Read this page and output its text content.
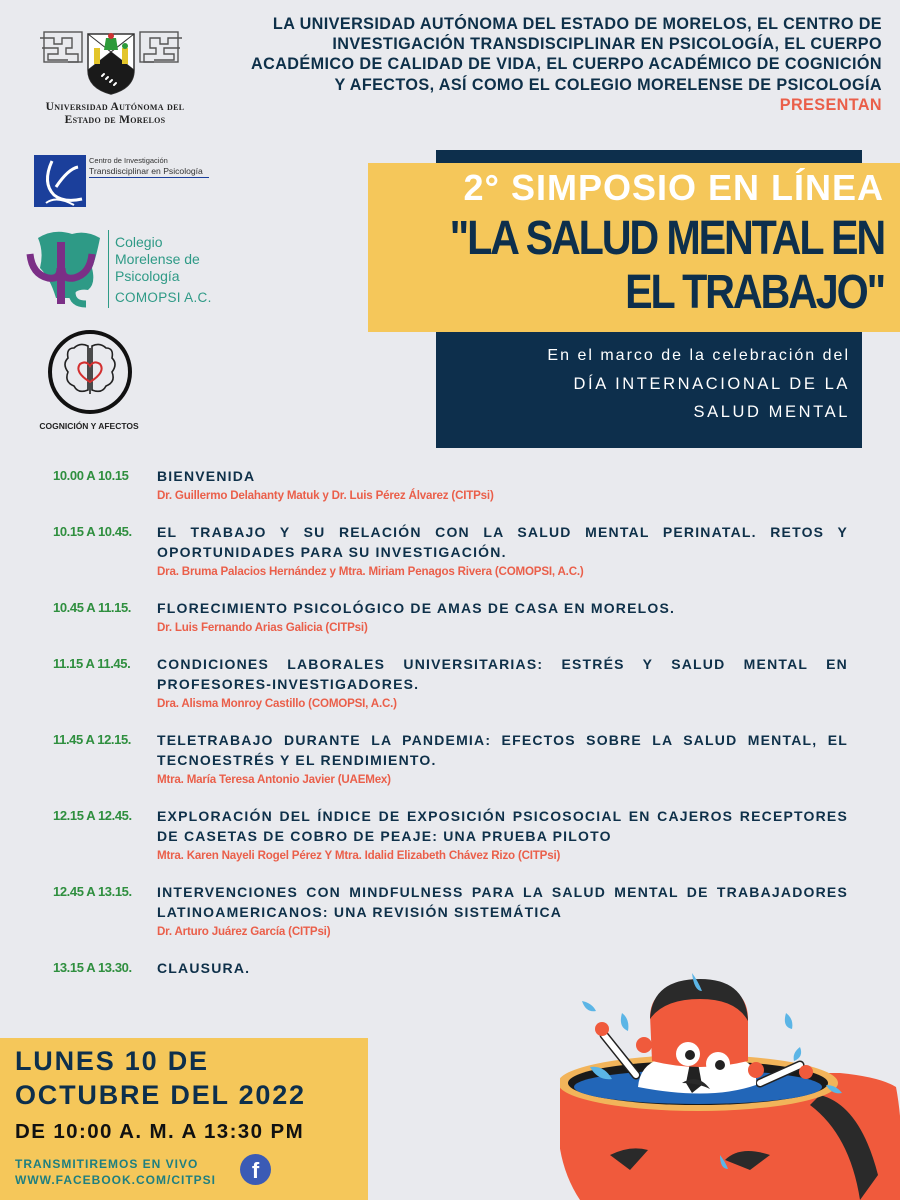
Universidad Autónoma del
Estado de Morelos
Centro de Investigación
Transdisciplinar en Psicología
Colegio
Morelense de
Psicología
COMOPSI A.C.
COGNICIÓN Y AFECTOS
LA UNIVERSIDAD AUTÓNOMA DEL ESTADO DE MORELOS, EL CENTRO DE
INVESTIGACIÓN TRANSDISCIPLINAR EN PSICOLOGÍA, EL CUERPO
ACADÉMICO DE CALIDAD DE VIDA, EL CUERPO ACADÉMICO DE COGNICIÓN
Y AFECTOS, ASÍ COMO EL COLEGIO MORELENSE DE PSICOLOGÍA
PRESENTAN
2° SIMPOSIO EN LÍNEA
"LA SALUD MENTAL EN
EL TRABAJO"
En el marco de la celebración del
DÍA INTERNACIONAL DE LA
SALUD MENTAL
10.00 A 10.15	BIENVENIDA
Dr. Guillermo Delahanty Matuk y Dr. Luis Pérez Álvarez (CITPsi)
10.15 A 10.45.	EL TRABAJO Y SU RELACIÓN CON LA SALUD MENTAL PERINATAL. RETOS Y OPORTUNIDADES PARA SU INVESTIGACIÓN.
Dra. Bruma Palacios Hernández y Mtra. Miriam Penagos Rivera (COMOPSI, A.C.)
10.45 A 11.15.	FLORECIMIENTO PSICOLÓGICO DE AMAS DE CASA EN MORELOS.
Dr. Luis Fernando Arias Galicia (CITPsi)
11.15 A 11.45.	CONDICIONES LABORALES UNIVERSITARIAS: ESTRÉS Y SALUD MENTAL EN PROFESORES-INVESTIGADORES.
Dra. Alisma Monroy Castillo (COMOPSI, A.C.)
11.45 A 12.15.	TELETRABAJO DURANTE LA PANDEMIA: EFECTOS SOBRE LA SALUD MENTAL, EL TECNOESTRÉS Y EL RENDIMIENTO.
Mtra. María Teresa Antonio Javier (UAEMex)
12.15 A 12.45.	EXPLORACIÓN DEL ÍNDICE DE EXPOSICIÓN PSICOSOCIAL EN CAJEROS RECEPTORES DE CASETAS DE COBRO DE PEAJE: UNA PRUEBA PILOTO
Mtra. Karen Nayeli Rogel Pérez Y Mtra. Idalid Elizabeth Chávez Rizo (CITPsi)
12.45 A 13.15.	INTERVENCIONES CON MINDFULNESS PARA LA SALUD MENTAL DE TRABAJADORES LATINOAMERICANOS: UNA REVISIÓN SISTEMÁTICA
Dr. Arturo Juárez García (CITPsi)
13.15 A 13.30.	CLAUSURA.
LUNES 10 DE
OCTUBRE DEL 2022
DE 10:00 A. M. A 13:30 PM
TRANSMITIREMOS EN VIVO
WWW.FACEBOOK.COM/CITPSI	f
